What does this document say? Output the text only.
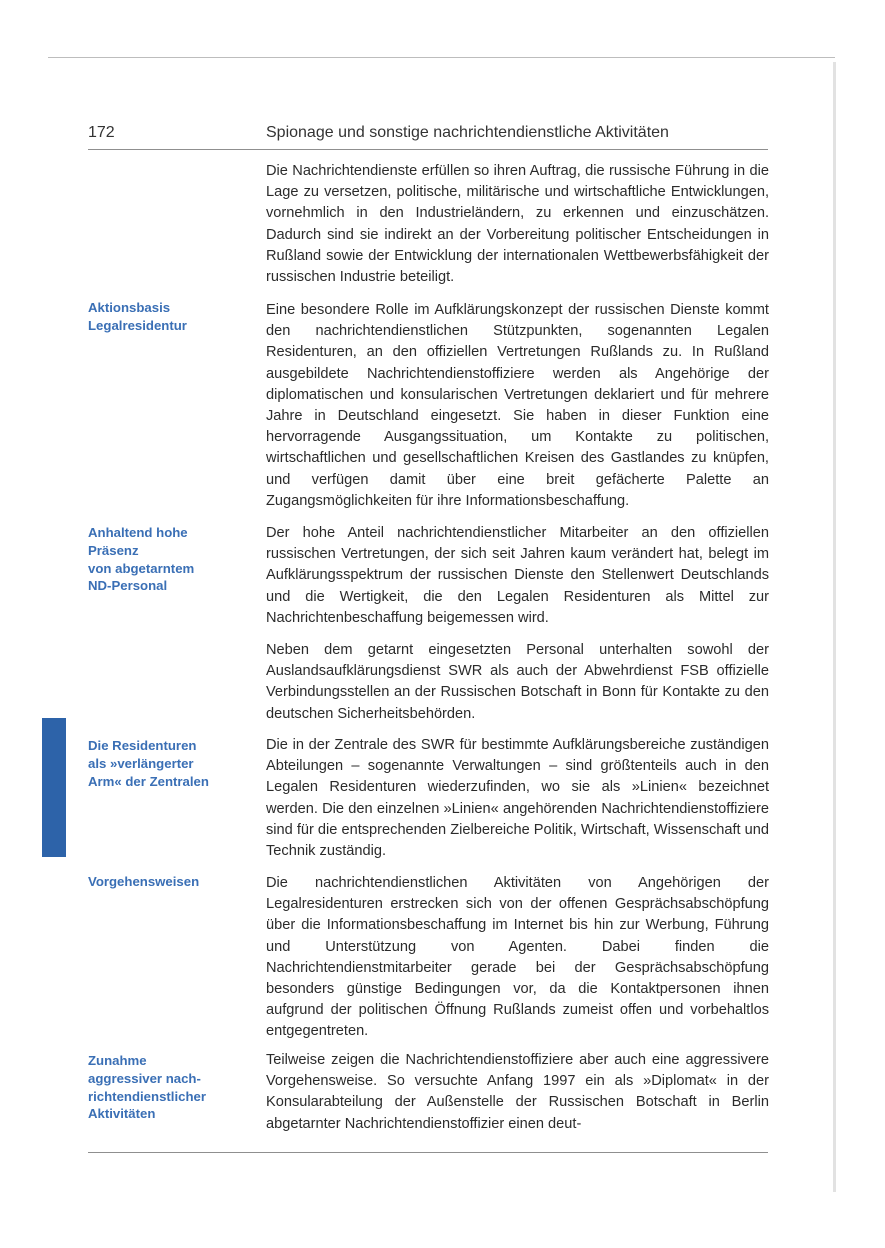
172	Spionage und sonstige nachrichtendienstliche Aktivitäten
Aktionsbasis
Legalresidentur
Anhaltend hohe
Präsenz
von abgetarntem
ND-Personal
Die Residenturen
als »verlängerter
Arm« der Zentralen
Vorgehensweisen
Zunahme
aggressiver nach-
richtendienstlicher
Aktivitäten

Die Nachrichtendienste erfüllen so ihren Auftrag, die russische Führung in die Lage zu versetzen, politische, militärische und wirtschaftliche Entwicklungen, vornehmlich in den Industrieländern, zu erkennen und einzuschätzen. Dadurch sind sie indirekt an der Vorbereitung politischer Entscheidungen in Rußland sowie der Entwicklung der internationalen Wettbewerbsfähigkeit der russischen Industrie beteiligt.

Eine besondere Rolle im Aufklärungskonzept der russischen Dienste kommt den nachrichtendienstlichen Stützpunkten, sogenannten Legalen Residenturen, an den offiziellen Vertretungen Rußlands zu. In Rußland ausgebildete Nachrichtendienstoffiziere werden als Angehörige der diplomatischen und konsularischen Vertretungen deklariert und für mehrere Jahre in Deutschland eingesetzt. Sie haben in dieser Funktion eine hervorragende Ausgangssituation, um Kontakte zu politischen, wirtschaftlichen und gesellschaftlichen Kreisen des Gastlandes zu knüpfen, und verfügen damit über eine breit gefächerte Palette an Zugangsmöglichkeiten für ihre Informationsbeschaffung.

Der hohe Anteil nachrichtendienstlicher Mitarbeiter an den offiziellen russischen Vertretungen, der sich seit Jahren kaum verändert hat, belegt im Aufklärungsspektrum der russischen Dienste den Stellenwert Deutschlands und die Wertigkeit, die den Legalen Residenturen als Mittel zur Nachrichtenbeschaffung beigemessen wird.

Neben dem getarnt eingesetzten Personal unterhalten sowohl der Auslandsaufklärungsdienst SWR als auch der Abwehrdienst FSB offizielle Verbindungsstellen an der Russischen Botschaft in Bonn für Kontakte zu den deutschen Sicherheitsbehörden.

Die in der Zentrale des SWR für bestimmte Aufklärungsbereiche zuständigen Abteilungen – sogenannte Verwaltungen – sind größtenteils auch in den Legalen Residenturen wiederzufinden, wo sie als »Linien« bezeichnet werden. Die den einzelnen »Linien« angehörenden Nachrichtendienstoffiziere sind für die entsprechenden Zielbereiche Politik, Wirtschaft, Wissenschaft und Technik zuständig.

Die nachrichtendienstlichen Aktivitäten von Angehörigen der Legalresidenturen erstrecken sich von der offenen Gesprächsabschöpfung über die Informationsbeschaffung im Internet bis hin zur Werbung, Führung und Unterstützung von Agenten. Dabei finden die Nachrichtendienstmitarbeiter gerade bei der Gesprächsabschöpfung besonders günstige Bedingungen vor, da die Kontaktpersonen ihnen aufgrund der politischen Öffnung Rußlands zumeist offen und vorbehaltlos entgegentreten.

Teilweise zeigen die Nachrichtendienstoffiziere aber auch eine aggressivere Vorgehensweise. So versuchte Anfang 1997 ein als »Diplomat« in der Konsularabteilung der Außenstelle der Russischen Botschaft in Berlin abgetarnter Nachrichtendienstoffizier einen deut-
